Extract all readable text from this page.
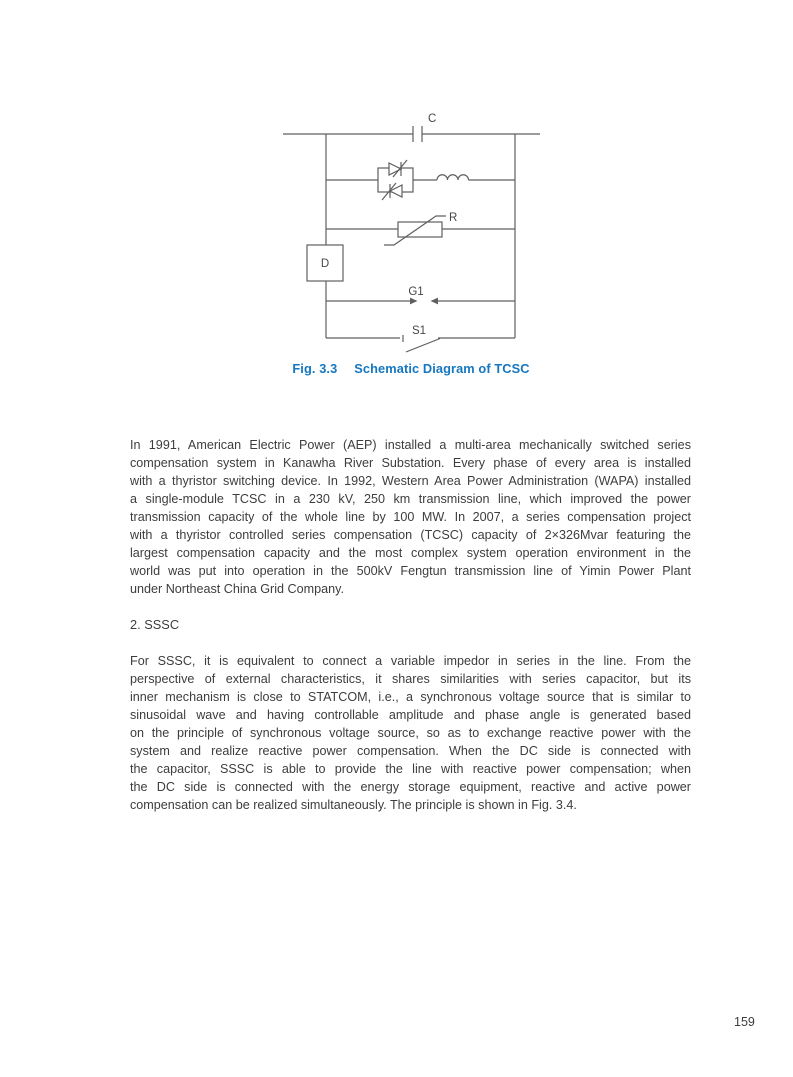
C
R
D
G1
S1
Fig. 3.3 Schematic Diagram of TCSC
In 1991, American Electric Power (AEP) installed a multi-area mechanically switched series
compensation system in Kanawha River Substation. Every phase of every area is installed
with a thyristor switching device. In 1992, Western Area Power Administration (WAPA) installed
a single-module TCSC in a 230 kV, 250 km transmission line, which improved the power
transmission capacity of the whole line by 100 MW. In 2007, a series compensation project
with a thyristor controlled series compensation (TCSC) capacity of 2×326Mvar featuring the
largest compensation capacity and the most complex system operation environment in the
world was put into operation in the 500kV Fengtun transmission line of Yimin Power Plant
under Northeast China Grid Company.
2. SSSC
For SSSC, it is equivalent to connect a variable impedor in series in the line. From the
perspective of external characteristics, it shares similarities with series capacitor, but its
inner mechanism is close to STATCOM, i.e., a synchronous voltage source that is similar to
sinusoidal wave and having controllable amplitude and phase angle is generated based
on the principle of synchronous voltage source, so as to exchange reactive power with the
system and realize reactive power compensation. When the DC side is connected with
the capacitor, SSSC is able to provide the line with reactive power compensation; when
the DC side is connected with the energy storage equipment, reactive and active power
compensation can be realized simultaneously. The principle is shown in Fig. 3.4.
159
